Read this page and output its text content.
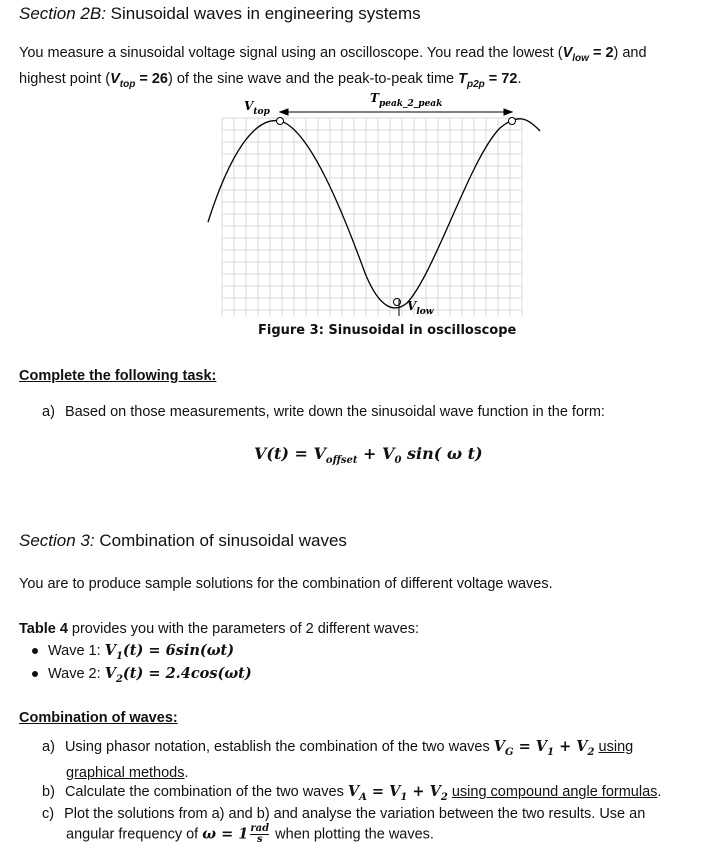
Section 2B: Sinusoidal waves in engineering systems
You measure a sinusoidal voltage signal using an oscilloscope. You read the lowest $(V_{low} = 2)$ and
highest point $(V_{top} = 26)$ of the sine wave and the peak-to-peak time $T_{p2p} = 72$.
$V_{top}$
$T_{peak\_2\_peak}$
$V_{low}$
Figure 3: Sinusoidal in oscilloscope
Complete the following task:
a) Based on those measurements, write down the sinusoidal wave function in the form:
$V(t) = V_{offset} + V_0$ sin( ω t)
Section 3: Combination of sinusoidal waves
You are to produce sample solutions for the combination of different voltage waves.
Table 4 provides you with the parameters of 2 different waves:
Wave 1: $V_1(t) = 6\sin(\omega t)$
Wave 2: $V_2(t) = 2.4\cos(\omega t)$
Combination of waves:
a) Using phasor notation, establish the combination of the two waves $V_G = V_1 + V_2$ using
graphical methods.
b) Calculate the combination of the two waves $V_A = V_1 + V_2$ using compound angle formulas.
c) Plot the solutions from a) and b) and analyse the variation between the two results. Use an
angular frequency of ω = 1 rad
s when plotting the waves.
